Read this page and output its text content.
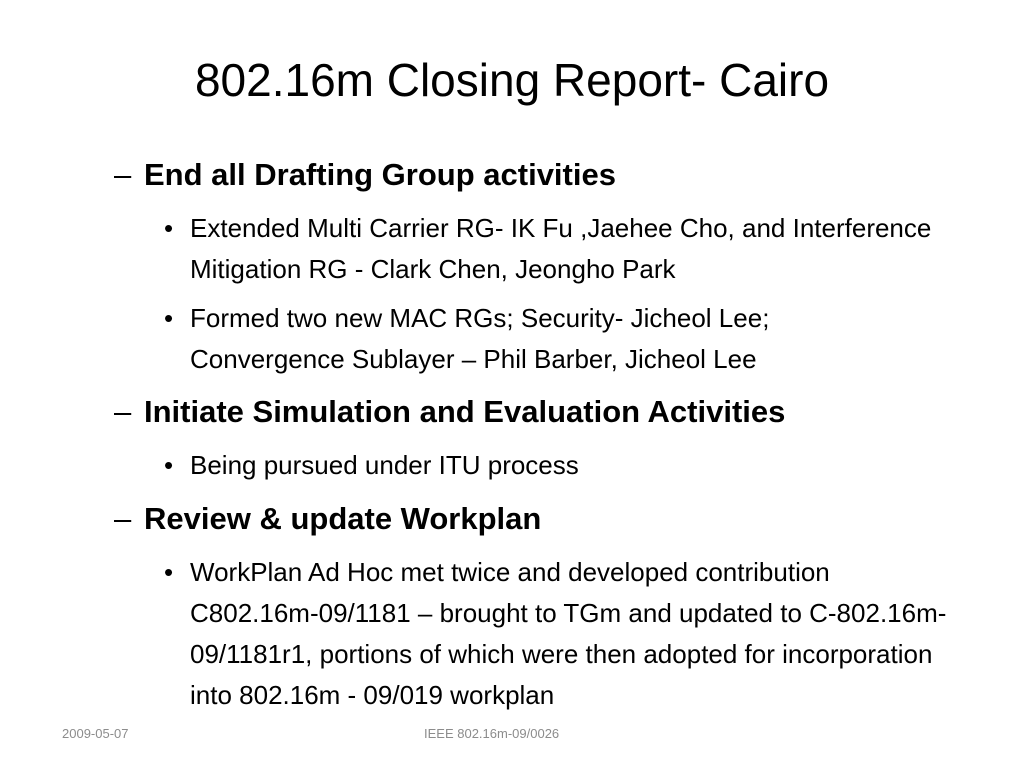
802.16m Closing Report- Cairo
– End all Drafting Group activities
• Extended Multi Carrier RG- IK Fu ,Jaehee Cho, and Interference Mitigation RG - Clark Chen, Jeongho Park
• Formed two new MAC RGs; Security- Jicheol Lee; Convergence Sublayer – Phil Barber, Jicheol Lee
– Initiate Simulation and Evaluation Activities
• Being pursued under ITU process
– Review & update Workplan
• WorkPlan Ad Hoc met twice and developed contribution C802.16m-09/1181 – brought to TGm and updated to C-802.16m-09/1181r1, portions of which were then adopted for incorporation into 802.16m - 09/019 workplan
2009-05-07	IEEE 802.16m-09/0026
